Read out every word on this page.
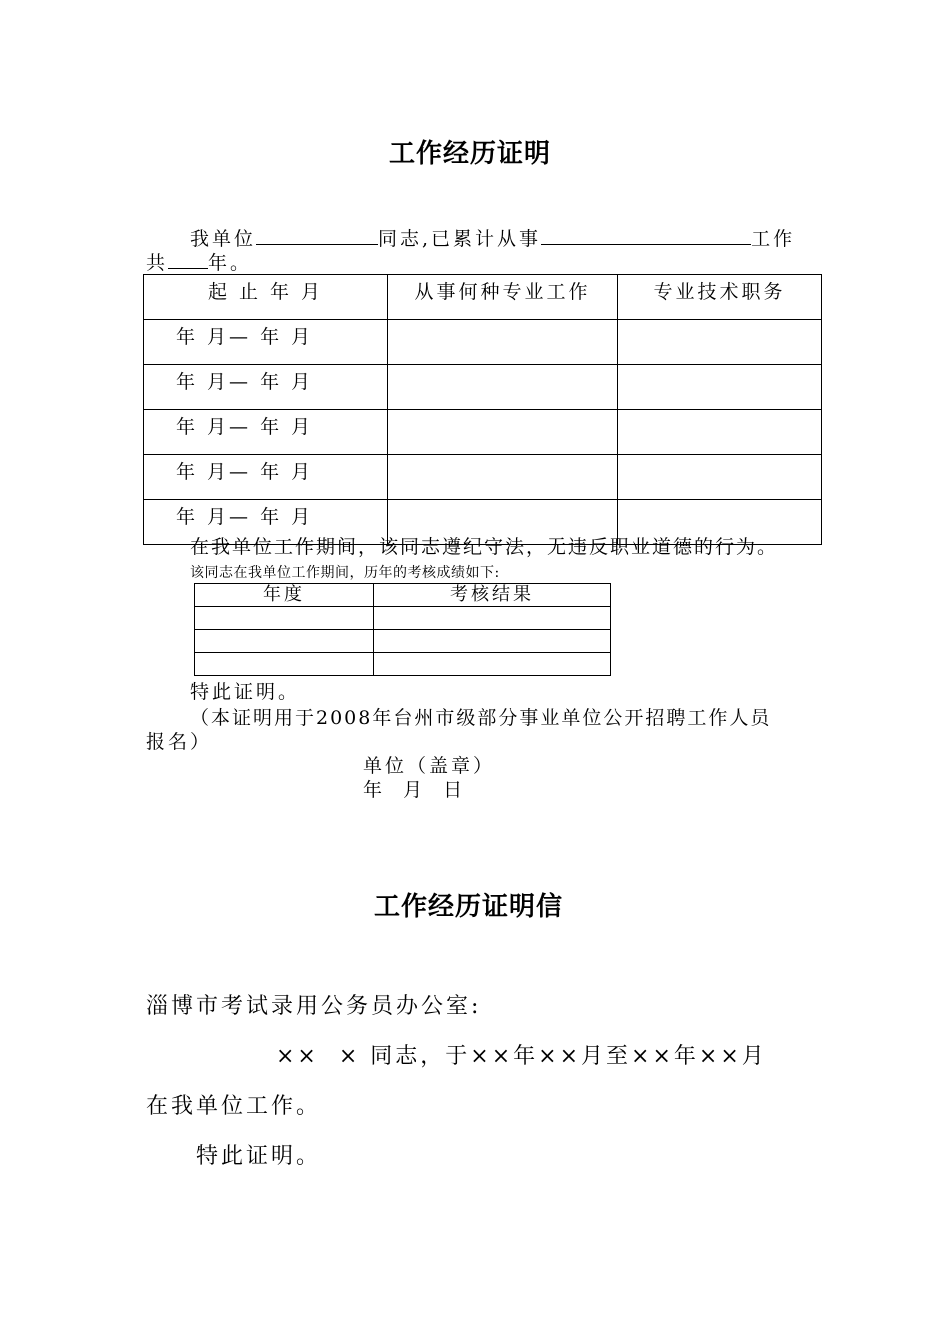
工作经历证明
我单位	同志,已累计从事	工作
共 年。
起 止 年 月	从事何种专业工作	专业技术职务
年 月— 年 月		
年 月— 年 月		
年 月— 年 月		
年 月— 年 月		
年 月— 年 月		
在我单位工作期间，该同志遵纪守法，无违反职业道德的行为。
该同志在我单位工作期间，历年的考核成绩如下:
年度	考核结果

特此证明。
（本证明用于2008年台州市级部分事业单位公开招聘工作人员
报名）
单位（盖章）
年  月  日
工作经历证明信
淄博市考试录用公务员办公室:
××  × 同志，于××年××月至××年××月
在我单位工作。
特此证明。
